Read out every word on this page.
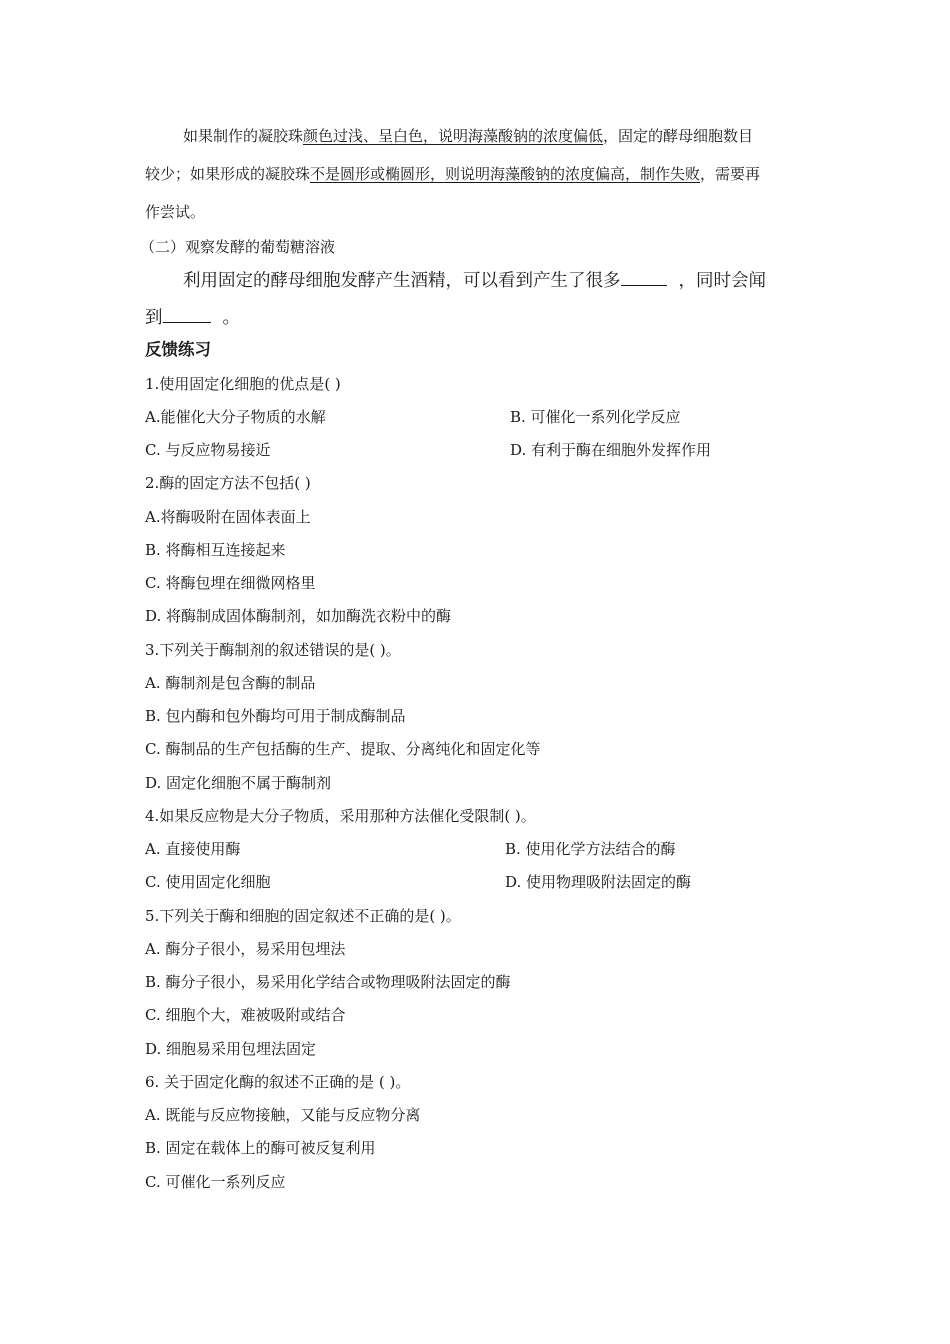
如果制作的凝胶珠颜色过浅、呈白色，说明海藻酸钠的浓度偏低，固定的酵母细胞数目
较少；如果形成的凝胶珠不是圆形或椭圆形，则说明海藻酸钠的浓度偏高，制作失败，需要再
作尝试。
（二）观察发酵的葡萄糖溶液
利用固定的酵母细胞发酵产生酒精，可以看到产生了很多	，同时会闻
到	。
反馈练习
1.使用固定化细胞的优点是( )
A.能催化大分子物质的水解	B. 可催化一系列化学反应
C. 与反应物易接近	D. 有利于酶在细胞外发挥作用
2.酶的固定方法不包括( )
A.将酶吸附在固体表面上
B. 将酶相互连接起来
C. 将酶包埋在细微网格里
D. 将酶制成固体酶制剂，如加酶洗衣粉中的酶
3.下列关于酶制剂的叙述错误的是( )。
A. 酶制剂是包含酶的制品
B. 包内酶和包外酶均可用于制成酶制品
C. 酶制品的生产包括酶的生产、提取、分离纯化和固定化等
D. 固定化细胞不属于酶制剂
4.如果反应物是大分子物质，采用那种方法催化受限制( )。
A. 直接使用酶	B. 使用化学方法结合的酶
C. 使用固定化细胞	D. 使用物理吸附法固定的酶
5.下列关于酶和细胞的固定叙述不正确的是( )。
A. 酶分子很小，易采用包埋法
B. 酶分子很小，易采用化学结合或物理吸附法固定的酶
C. 细胞个大，难被吸附或结合
D. 细胞易采用包埋法固定
6. 关于固定化酶的叙述不正确的是 ( )。
A. 既能与反应物接触，又能与反应物分离
B. 固定在载体上的酶可被反复利用
C. 可催化一系列反应
